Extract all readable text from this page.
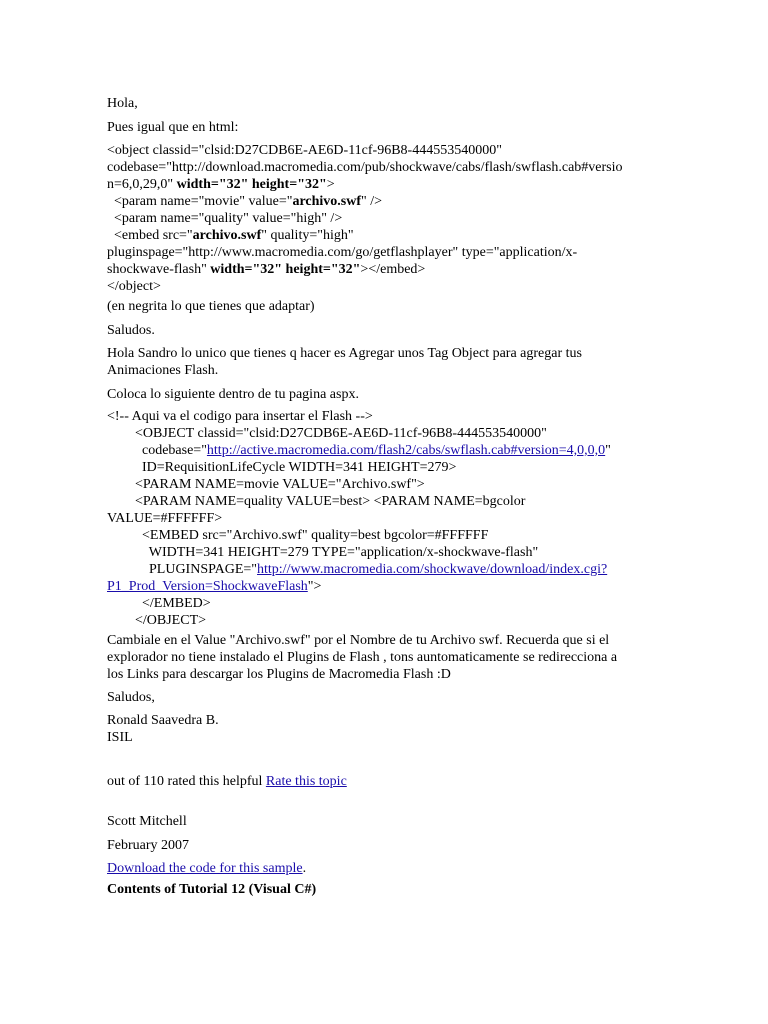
Hola,
Pues igual que en html:
<object classid="clsid:D27CDB6E-AE6D-11cf-96B8-444553540000"
codebase="http://download.macromedia.com/pub/shockwave/cabs/flash/swflash.cab#versio
n=6,0,29,0" width="32" height="32">
<param name="movie" value="archivo.swf" />
<param name="quality" value="high" />
<embed src="archivo.swf" quality="high"
pluginspage="http://www.macromedia.com/go/getflashplayer" type="application/x-
shockwave-flash" width="32" height="32"></embed>
</object>
(en negrita lo que tienes que adaptar)
Saludos.
Hola Sandro lo unico que tienes q hacer es Agregar unos Tag Object para agregar tus
Animaciones Flash.
Coloca lo siguiente dentro de tu pagina aspx.
<!-- Aqui va el codigo para insertar el Flash -->
<OBJECT classid="clsid:D27CDB6E-AE6D-11cf-96B8-444553540000"
codebase="http://active.macromedia.com/flash2/cabs/swflash.cab#version=4,0,0,0"
ID=RequisitionLifeCycle WIDTH=341 HEIGHT=279>
<PARAM NAME=movie VALUE="Archivo.swf">
<PARAM NAME=quality VALUE=best> <PARAM NAME=bgcolor
VALUE=#FFFFFF>
<EMBED src="Archivo.swf" quality=best bgcolor=#FFFFFF
WIDTH=341 HEIGHT=279 TYPE="application/x-shockwave-flash"
PLUGINSPAGE="http://www.macromedia.com/shockwave/download/index.cgi?
P1_Prod_Version=ShockwaveFlash">
</EMBED>
</OBJECT>
Cambiale en el Value "Archivo.swf" por el Nombre de tu Archivo swf. Recuerda que si el
explorador no tiene instalado el Plugins de Flash , tons auntomaticamente se redirecciona a
los Links para descargar los Plugins de Macromedia Flash :D
Saludos,
Ronald Saavedra B.
ISIL
out of 110 rated this helpful Rate this topic
Scott Mitchell
February 2007
Download the code for this sample.
Contents of Tutorial 12 (Visual C#)
